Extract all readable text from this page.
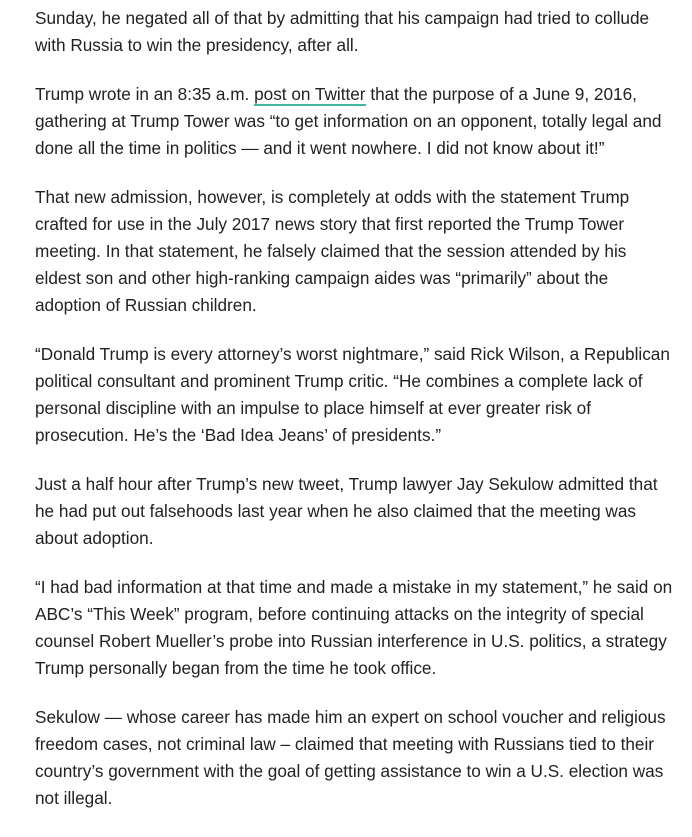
Sunday, he negated all of that by admitting that his campaign had tried to collude with Russia to win the presidency, after all.

Trump wrote in an 8:35 a.m. post on Twitter that the purpose of a June 9, 2016, gathering at Trump Tower was “to get information on an opponent, totally legal and done all the time in politics — and it went nowhere. I did not know about it!”

That new admission, however, is completely at odds with the statement Trump crafted for use in the July 2017 news story that first reported the Trump Tower meeting. In that statement, he falsely claimed that the session attended by his eldest son and other high-ranking campaign aides was “primarily” about the adoption of Russian children.

“Donald Trump is every attorney’s worst nightmare,” said Rick Wilson, a Republican political consultant and prominent Trump critic. “He combines a complete lack of personal discipline with an impulse to place himself at ever greater risk of prosecution. He’s the ‘Bad Idea Jeans’ of presidents.”

Just a half hour after Trump’s new tweet, Trump lawyer Jay Sekulow admitted that he had put out falsehoods last year when he also claimed that the meeting was about adoption.

“I had bad information at that time and made a mistake in my statement,” he said on ABC’s “This Week” program, before continuing attacks on the integrity of special counsel Robert Mueller’s probe into Russian interference in U.S. politics, a strategy Trump personally began from the time he took office.

Sekulow — whose career has made him an expert on school voucher and religious freedom cases, not criminal law – claimed that meeting with Russians tied to their country’s government with the goal of getting assistance to win a U.S. election was not illegal.
